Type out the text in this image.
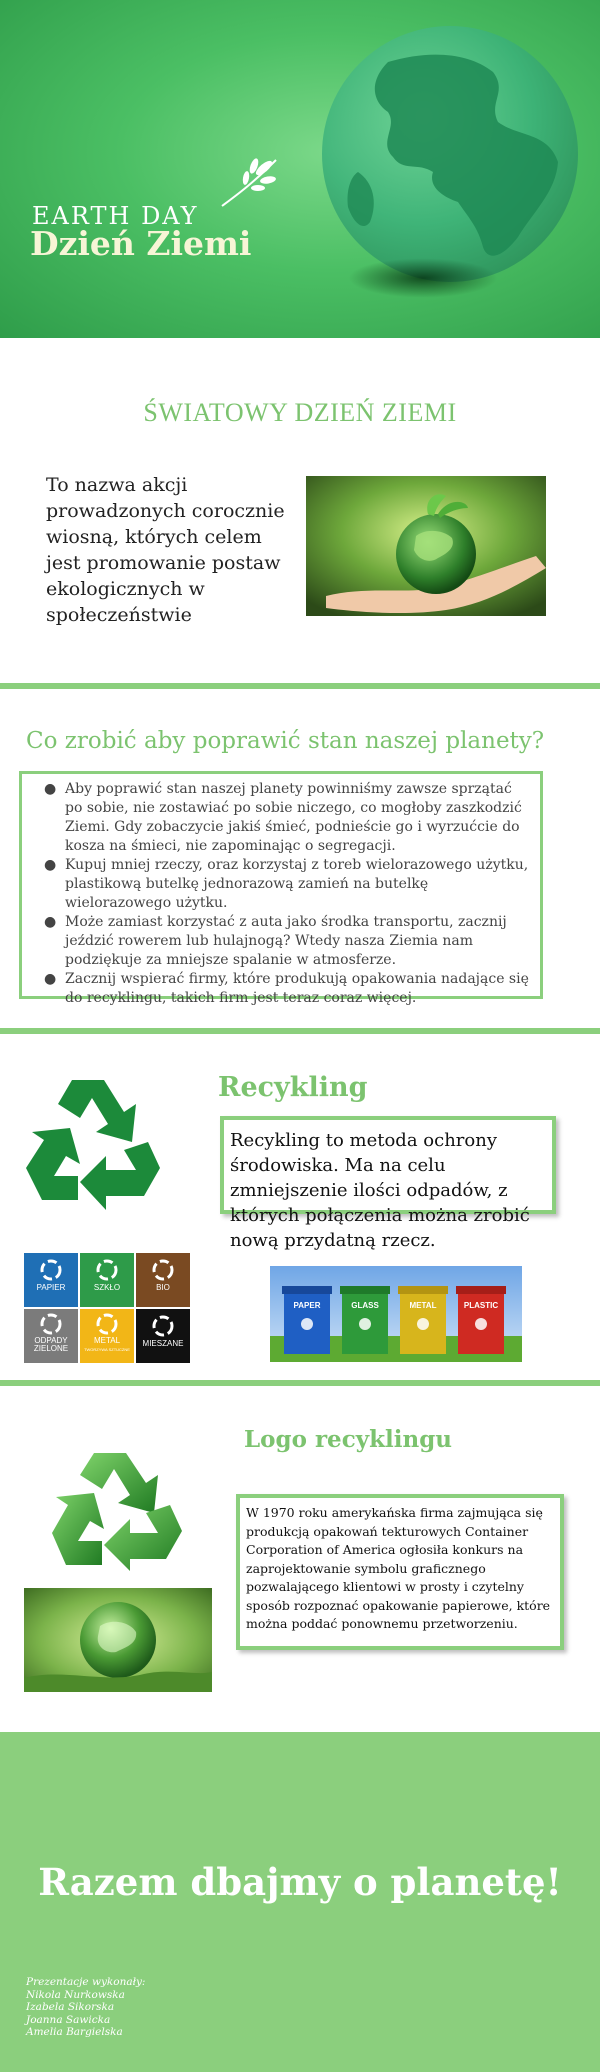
EARTH DAY
Dzień Ziemi
ŚWIATOWY DZIEŃ ZIEMI
To nazwa akcji prowadzonych corocznie wiosną, których celem jest promowanie postaw ekologicznych w społeczeństwie
Co zrobić aby poprawić stan naszej planety?
● Aby poprawić stan naszej planety powinniśmy zawsze sprzątać po sobie, nie zostawiać po sobie niczego, co mogłoby zaszkodzić Ziemi. Gdy zobaczycie jakiś śmieć, podnieście go i wyrzućcie do kosza na śmieci, nie zapominając o segregacji.
● Kupuj mniej rzeczy, oraz korzystaj z toreb wielorazowego użytku, plastikową butelkę jednorazową zamień na butelkę wielorazowego użytku.
● Może zamiast korzystać z auta jako środka transportu, zacznij jeździć rowerem lub hulajnogą? Wtedy nasza Ziemia nam podziękuje za mniejsze spalanie w atmosferze.
● Zacznij wspierać firmy, które produkują opakowania nadające się do recyklingu, takich firm jest teraz coraz więcej.
Recykling
Recykling to metoda ochrony środowiska. Ma na celu zmniejszenie ilości odpadów, z których połączenia można zrobić nową przydatną rzecz.
PAPIER	SZKŁO	BIO
ODPADY ZIELONE
METAL
TWORZYWA SZTUCZNE
MIESZANE
PAPER	GLASS	METAL	PLASTIC
Logo recyklingu
W 1970 roku amerykańska firma zajmująca się produkcją opakowań tekturowych Container Corporation of America ogłosiła konkurs na zaprojektowanie symbolu graficznego pozwalającego klientowi w prosty i czytelny sposób rozpoznać opakowanie papierowe, które można poddać ponownemu przetworzeniu.
Razem dbajmy o planetę!
Prezentacje wykonały:
Nikola Nurkowska
Izabela Sikorska
Joanna Sawicka
Amelia Bargielska
